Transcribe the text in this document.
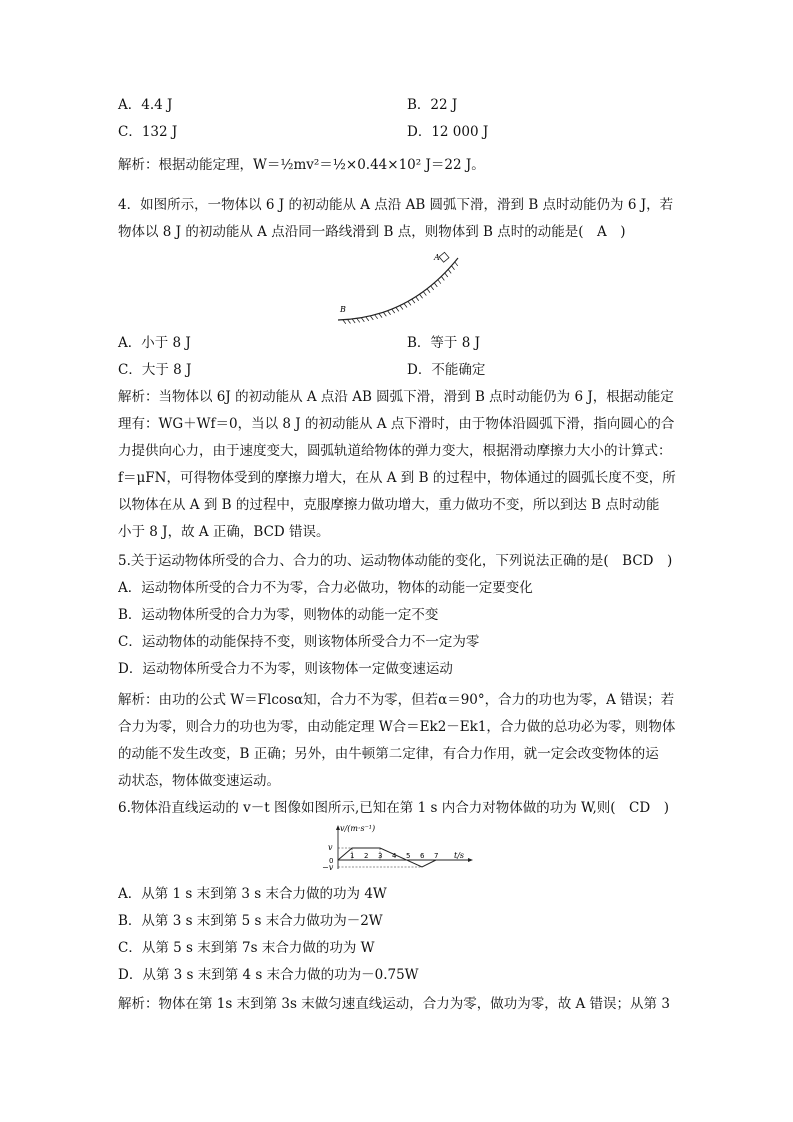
A．4.4 J	B．22 J
C．132 J	D．12 000 J
解析：根据动能定理，W＝½mv²＝½×0.44×10² J＝22 J。
4．如图所示，一物体以 6 J 的初动能从 A 点沿 AB 圆弧下滑，滑到 B 点时动能仍为 6 J，若
物体以 8 J 的初动能从 A 点沿同一路线滑到 B 点，则物体到 B 点时的动能是(　A　)
A
B
A．小于 8 J	B．等于 8 J
C．大于 8 J	D．不能确定
解析：当物体以 6J 的初动能从 A 点沿 AB 圆弧下滑，滑到 B 点时动能仍为 6 J，根据动能定
理有：WG＋Wf＝0，当以 8 J 的初动能从 A 点下滑时，由于物体沿圆弧下滑，指向圆心的合
力提供向心力，由于速度变大，圆弧轨道给物体的弹力变大，根据滑动摩擦力大小的计算式：
f＝μFN，可得物体受到的摩擦力增大，在从 A 到 B 的过程中，物体通过的圆弧长度不变，所
以物体在从 A 到 B 的过程中，克服摩擦力做功增大，重力做功不变，所以到达 B 点时动能
小于 8 J，故 A 正确，BCD 错误。
5.关于运动物体所受的合力、合力的功、运动物体动能的变化，下列说法正确的是(　BCD　)
A．运动物体所受的合力不为零，合力必做功，物体的动能一定要变化
B．运动物体所受的合力为零，则物体的动能一定不变
C．运动物体的动能保持不变，则该物体所受合力不一定为零
D．运动物体所受合力不为零，则该物体一定做变速运动
解析：由功的公式 W＝Flcosα知，合力不为零，但若α＝90°，合力的功也为零，A 错误；若
合力为零，则合力的功也为零，由动能定理 W合＝Ek2－Ek1，合力做的总功必为零，则物体
的动能不发生改变，B 正确；另外，由牛顿第二定律，有合力作用，就一定会改变物体的运
动状态，物体做变速运动。
6.物体沿直线运动的 v－t 图像如图所示,已知在第 1 s 内合力对物体做的功为 W,则(　CD　)
v/(m·s⁻¹)
v
0
−v
1 2 3 4 5 6 7 t/s
A．从第 1 s 末到第 3 s 末合力做的功为 4W
B．从第 3 s 末到第 5 s 末合力做功为－2W
C．从第 5 s 末到第 7s 末合力做的功为 W
D．从第 3 s 末到第 4 s 末合力做的功为－0.75W
解析：物体在第 1s 末到第 3s 末做匀速直线运动，合力为零，做功为零，故 A 错误；从第 3
